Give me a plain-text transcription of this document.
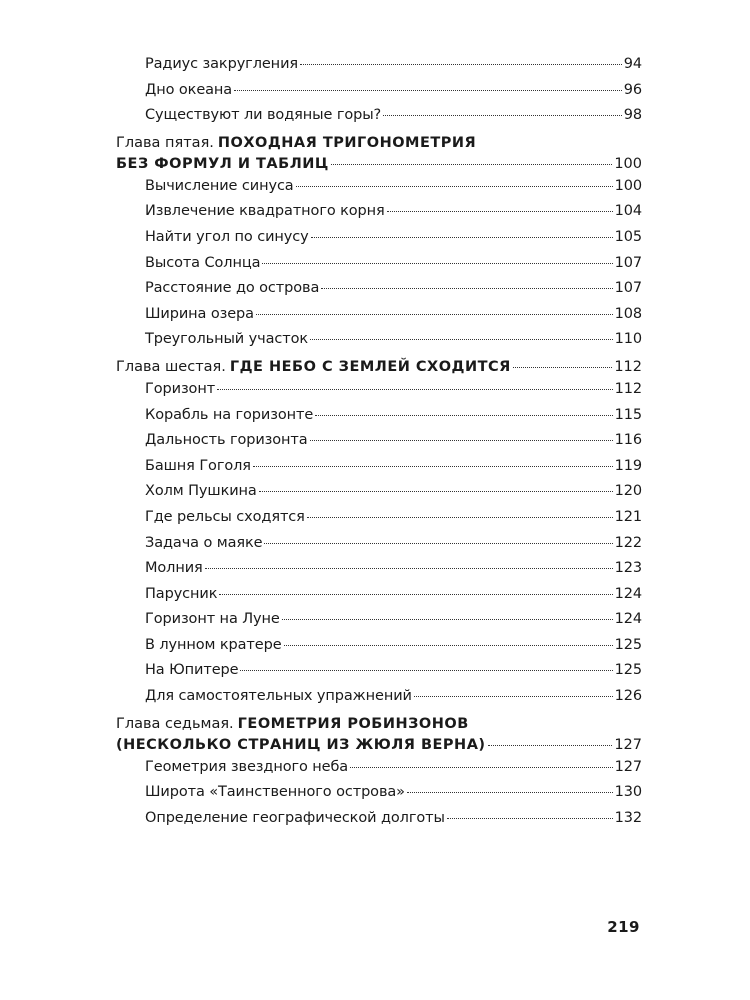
Радиус закругления	94
Дно океана	96
Существуют ли водяные горы?	98
Глава пятая. ПОХОДНАЯ ТРИГОНОМЕТРИЯ
БЕЗ ФОРМУЛ И ТАБЛИЦ	100
Вычисление синуса	100
Извлечение квадратного корня	104
Найти угол по синусу	105
Высота Солнца	107
Расстояние до острова	107
Ширина озера	108
Треугольный участок	110
Глава шестая. ГДЕ НЕБО С ЗЕМЛЕЙ СХОДИТСЯ	112
Горизонт	112
Корабль на горизонте	115
Дальность горизонта	116
Башня Гоголя	119
Холм Пушкина	120
Где рельсы сходятся	121
Задача о маяке	122
Молния	123
Парусник	124
Горизонт на Луне	124
В лунном кратере	125
На Юпитере	125
Для самостоятельных упражнений	126
Глава седьмая. ГЕОМЕТРИЯ РОБИНЗОНОВ
(НЕСКОЛЬКО СТРАНИЦ ИЗ ЖЮЛЯ ВЕРНА)	127
Геометрия звездного неба	127
Широта «Таинственного острова»	130
Определение географической долготы	132
219
